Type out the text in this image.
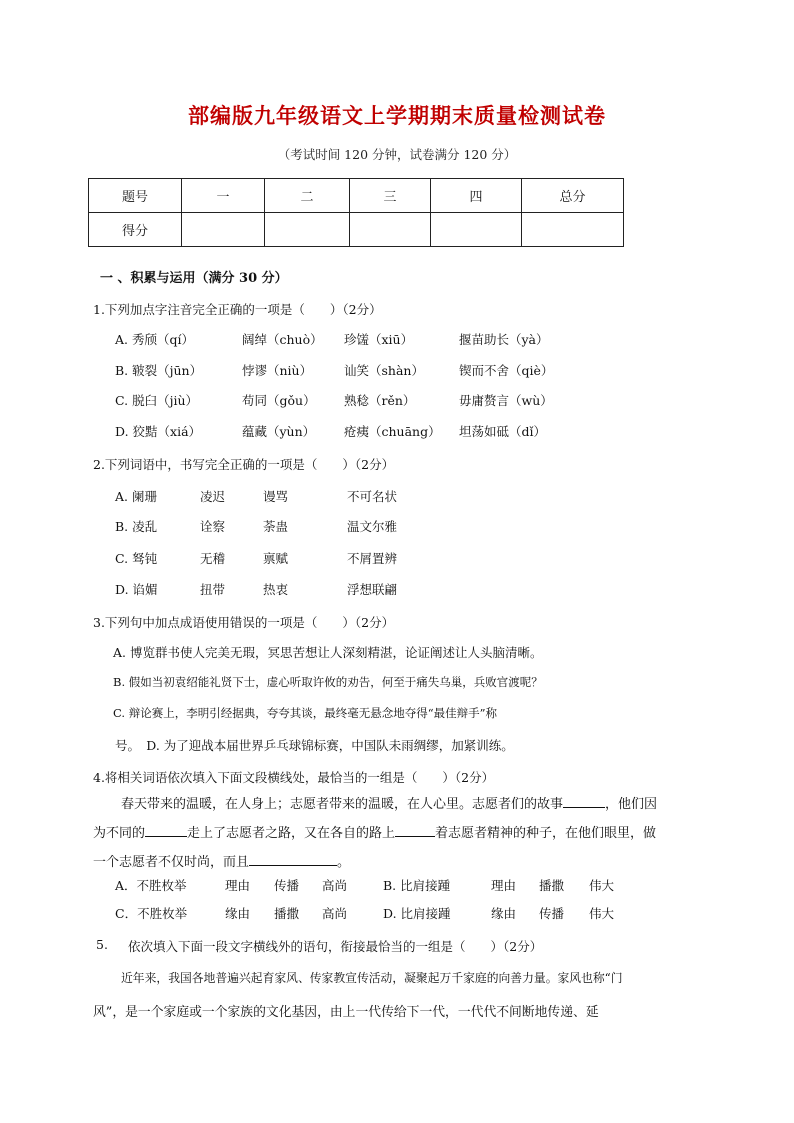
部编版九年级语文上学期期末质量检测试卷
（考试时间 120 分钟，试卷满分 120 分）
题号	一	二	三	四	总分
得分					
一 、积累与运用（满分 30 分）
1.下列加点字注音完全正确的一项是（　　）（2分）
A. 秀颀（qí）	阔绰（chuò） 珍馐（xiū）	揠苗助长（yà）
B. 皲裂（jūn）	悖谬（niù）	讪笑（shàn）	锲而不舍（qiè）
C. 脱臼（jiù）	苟同（gǒu） 熟稔（rěn）	毋庸赘言（wù）
D. 狡黠（xiá）	蕴藏（yùn） 疮痍（chuāng） 坦荡如砥（dǐ）
2.下列词语中，书写完全正确的一项是（　　）（2分）
A. 阑珊	凌迟	谩骂	不可名状
B. 凌乱	诠察	荼蛊	温文尔雅
C. 驽钝	无稽	禀赋	不屑置辨
D. 谄媚	扭带	热衷	浮想联翩
3.下列句中加点成语使用错误的一项是（　　）（2分）
A. 博览群书使人完美无瑕，冥思苦想让人深刻精湛，论证阐述让人头脑清晰。
B. 假如当初袁绍能礼贤下士，虚心听取许攸的劝告，何至于痛失乌巢，兵败官渡呢？
C. 辩论赛上，李明引经据典，夸夸其谈，最终毫无悬念地夺得“最佳辩手”称
号。　D. 为了迎战本届世界乒乓球锦标赛，中国队未雨绸缪，加紧训练。
4.将相关词语依次填入下面文段横线处，最恰当的一组是（　　）（2分）
春天带来的温暖，在人身上；志愿者带来的温暖，在人心里。志愿者们的故事	，他们因
为不同的	走上了志愿者之路，又在各自的路上	着志愿者精神的种子，在他们眼里，做
一个志愿者不仅时尚，而且	。
A．不胜枚举	理由 传播 高尚	B. 比肩接踵	理由 播撒 伟大
C．不胜枚举	缘由 播撒 高尚	D. 比肩接踵	缘由 传播 伟大
5. 依次填入下面一段文字横线外的语句，衔接最恰当的一组是（　　）（2分）
近年来，我国各地普遍兴起育家风、传家教宣传活动，凝聚起万千家庭的向善力量。家风也称“门
风”，是一个家庭或一个家族的文化基因，由上一代传给下一代，一代代不间断地传递、延
